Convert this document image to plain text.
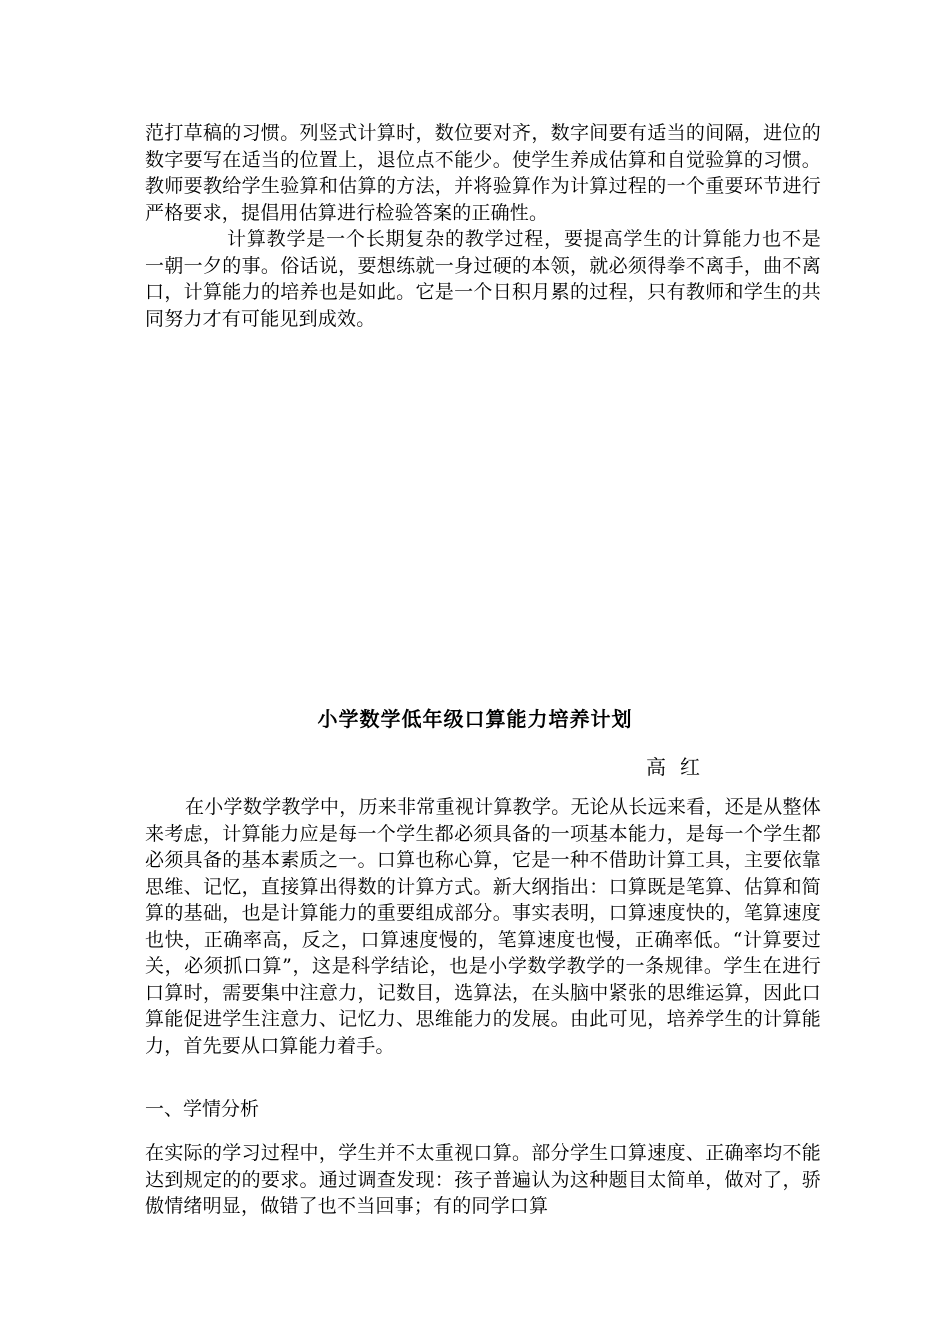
范打草稿的习惯。列竖式计算时，数位要对齐，数字间要有适当的间隔，进位的数字要写在适当的位置上，退位点不能少。使学生养成估算和自觉验算的习惯。教师要教给学生验算和估算的方法，并将验算作为计算过程的一个重要环节进行严格要求，提倡用估算进行检验答案的正确性。

计算教学是一个长期复杂的教学过程，要提高学生的计算能力也不是一朝一夕的事。俗话说，要想练就一身过硬的本领，就必须得拳不离手，曲不离口，计算能力的培养也是如此。它是一个日积月累的过程，只有教师和学生的共同努力才有可能见到成效。

小学数学低年级口算能力培养计划
高红

在小学数学教学中，历来非常重视计算教学。无论从长远来看，还是从整体来考虑，计算能力应是每一个学生都必须具备的一项基本能力，是每一个学生都必须具备的基本素质之一。口算也称心算，它是一种不借助计算工具，主要依靠思维、记忆，直接算出得数的计算方式。新大纲指出：口算既是笔算、估算和简算的基础，也是计算能力的重要组成部分。事实表明，口算速度快的，笔算速度也快，正确率高，反之，口算速度慢的，笔算速度也慢，正确率低。“计算要过关，必须抓口算”，这是科学结论，也是小学数学教学的一条规律。学生在进行口算时，需要集中注意力，记数目，选算法，在头脑中紧张的思维运算，因此口算能促进学生注意力、记忆力、思维能力的发展。由此可见，培养学生的计算能力，首先要从口算能力着手。

一、学情分析

在实际的学习过程中，学生并不太重视口算。部分学生口算速度、正确率均不能达到规定的的要求。通过调查发现：孩子普遍认为这种题目太简单，做对了，骄傲情绪明显，做错了也不当回事；有的同学口算
